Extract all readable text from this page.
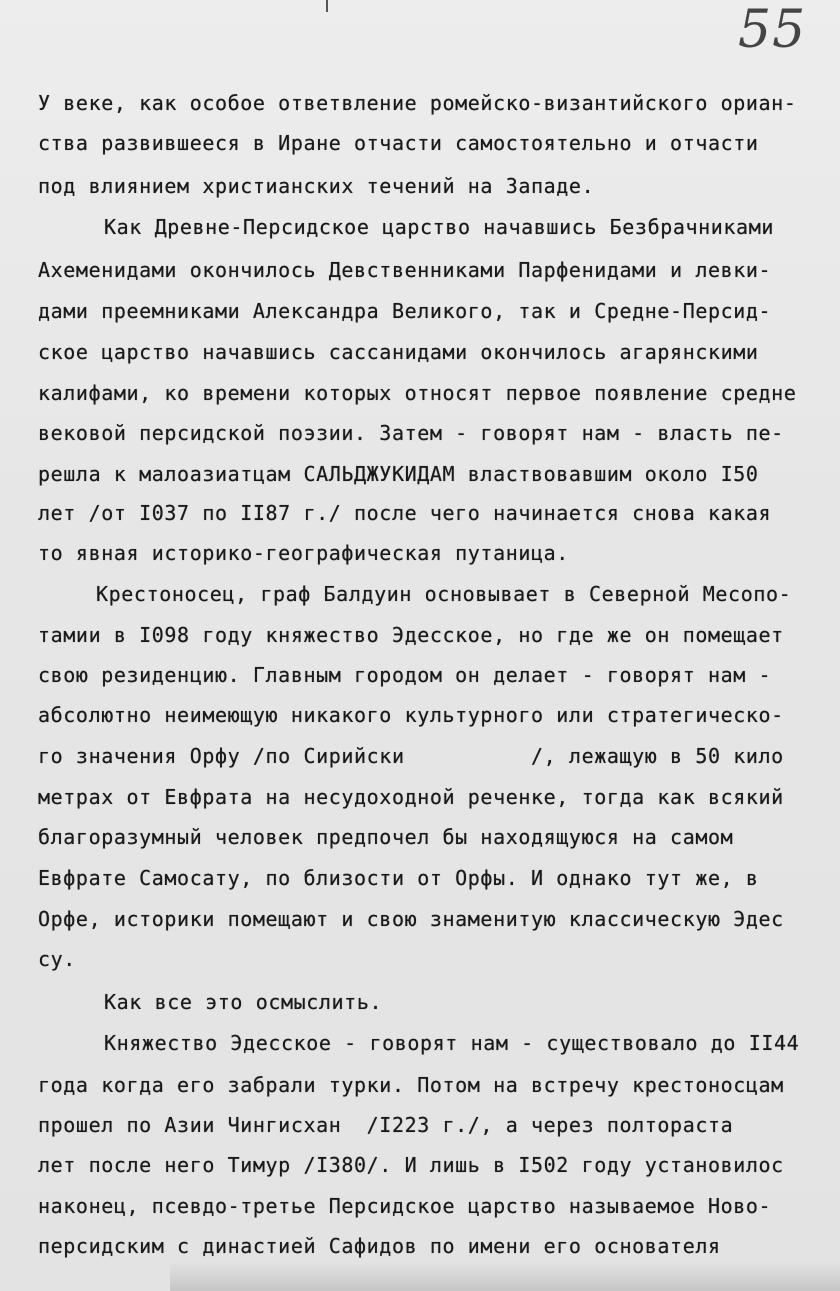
55
У веке, как особое ответвление ромейско-византийского ориан-
ства развившееся в Иране отчасти самостоятельно и отчасти
под влиянием христианских течений на Западе.
Как Древне-Персидское царство начавшись Безбрачниками
Ахеменидами окончилось Девственниками Парфенидами и левки-
дами преемниками Александра Великого, так и Средне-Персид-
ское царство начавшись сассанидами окончилось агарянскими
калифами, ко времени которых относят первое появление средне
вековой персидской поэзии. Затем - говорят нам - власть пе-
решла к малоазиатцам САЛЬДЖУКИДАМ властвовавшим около I50
лет /от I037 по II87 г./ после чего начинается снова какая
то явная историко-географическая путаница.
Крестоносец, граф Балдуин основывает в Северной Месопо-
тамии в I098 году княжество Эдесское, но где же он помещает
свою резиденцию. Главным городом он делает - говорят нам -
абсолютно неимеющую никакого культурного или стратегическо-
го значения Орфу /по Сирийски          /, лежащую в 50 кило
метрах от Евфрата на несудоходной реченке, тогда как всякий
благоразумный человек предпочел бы находящуюся на самом
Евфрате Самосату, по близости от Орфы. И однако тут же, в
Орфе, историки помещают и свою знаменитую классическую Эдес
су.
Как все это осмыслить.
Княжество Эдесское - говорят нам - существовало до II44
года когда его забрали турки. Потом на встречу крестоносцам
прошел по Азии Чингисхан  /I223 г./, а через полтораста
лет после него Тимур /I380/. И лишь в I502 году установилос
наконец, псевдо-третье Персидское царство называемое Ново-
персидским с династией Сафидов по имени его основателя
